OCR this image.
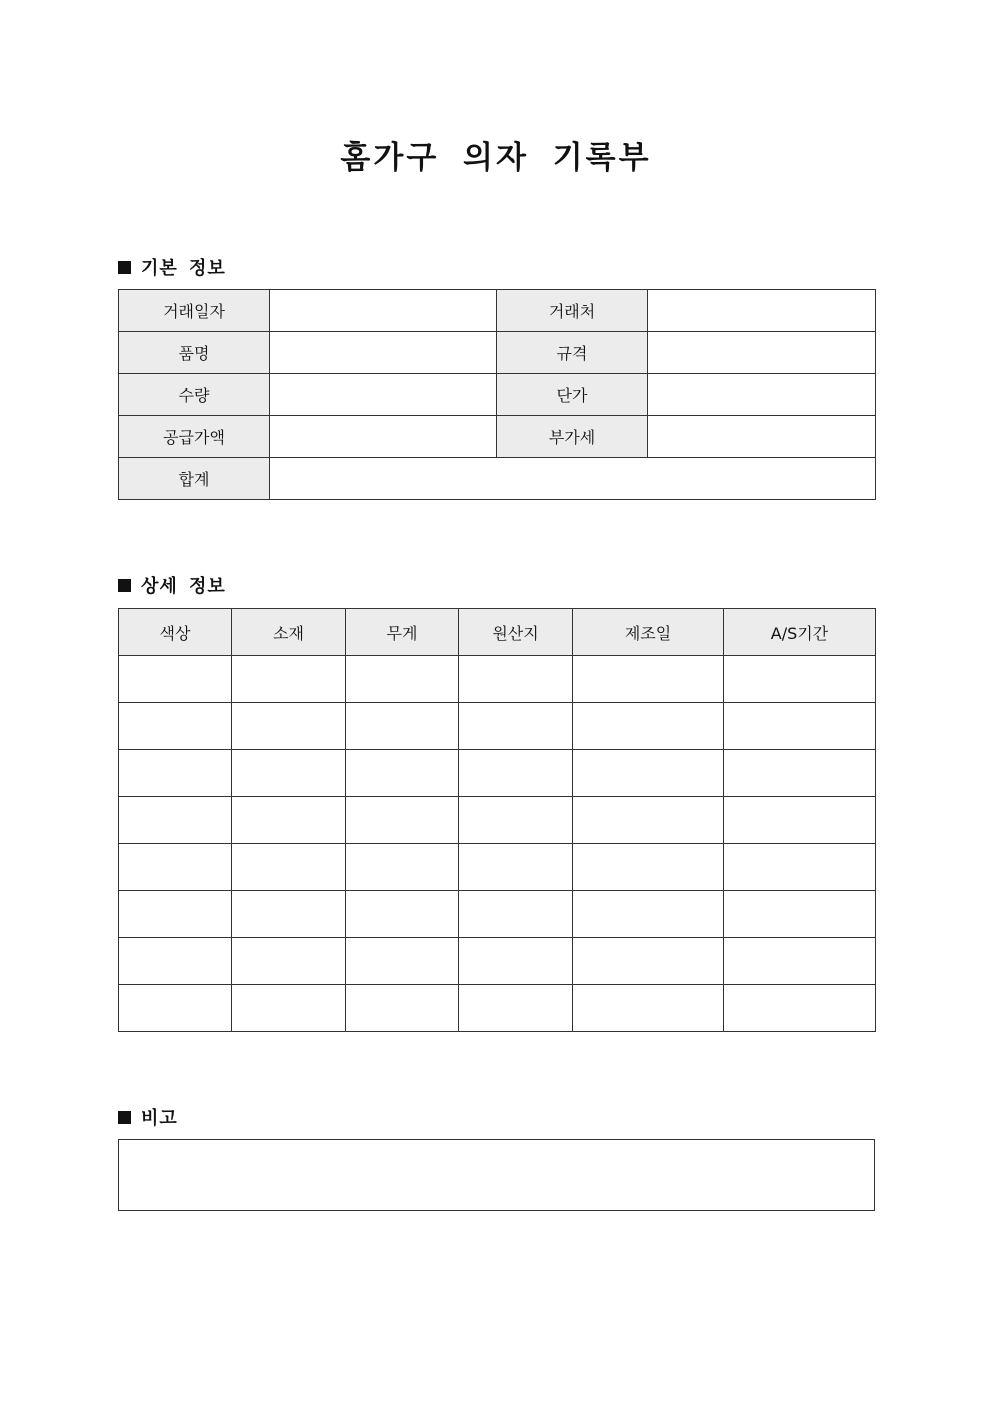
홈가구 의자 기록부
기본 정보
거래일자		거래처	
품명		규격	
수량		단가	
공급가액		부가세	
합계			
상세 정보
색상	소재	무게	원산지	제조일	A/S기간

비고
